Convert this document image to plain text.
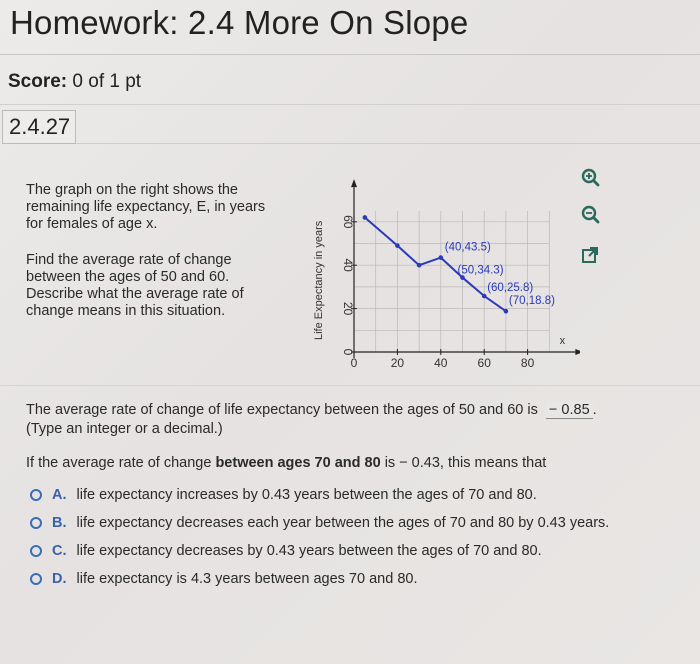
Homework: 2.4 More On Slope
Score: 0 of 1 pt
2.4.27
The graph on the right shows the
remaining life expectancy, E, in years
for females of age x.
Find the average rate of change
between the ages of 50 and 60.
Describe what the average rate of
change means in this situation.
0	20	40	60	80
0
20
40
60
Life Expectancy in years
x
(40,43.5)
(50,34.3)
(60,25.8)
(70,18.8)
The average rate of change of life expectancy between the ages of 50 and 60 is − 0.85 .
(Type an integer or a decimal.)
If the average rate of change between ages 70 and 80 is − 0.43, this means that
A. life expectancy increases by 0.43 years between the ages of 70 and 80.
B. life expectancy decreases each year between the ages of 70 and 80 by 0.43 years.
C. life expectancy decreases by 0.43 years between the ages of 70 and 80.
D. life expectancy is 4.3 years between ages 70 and 80.
